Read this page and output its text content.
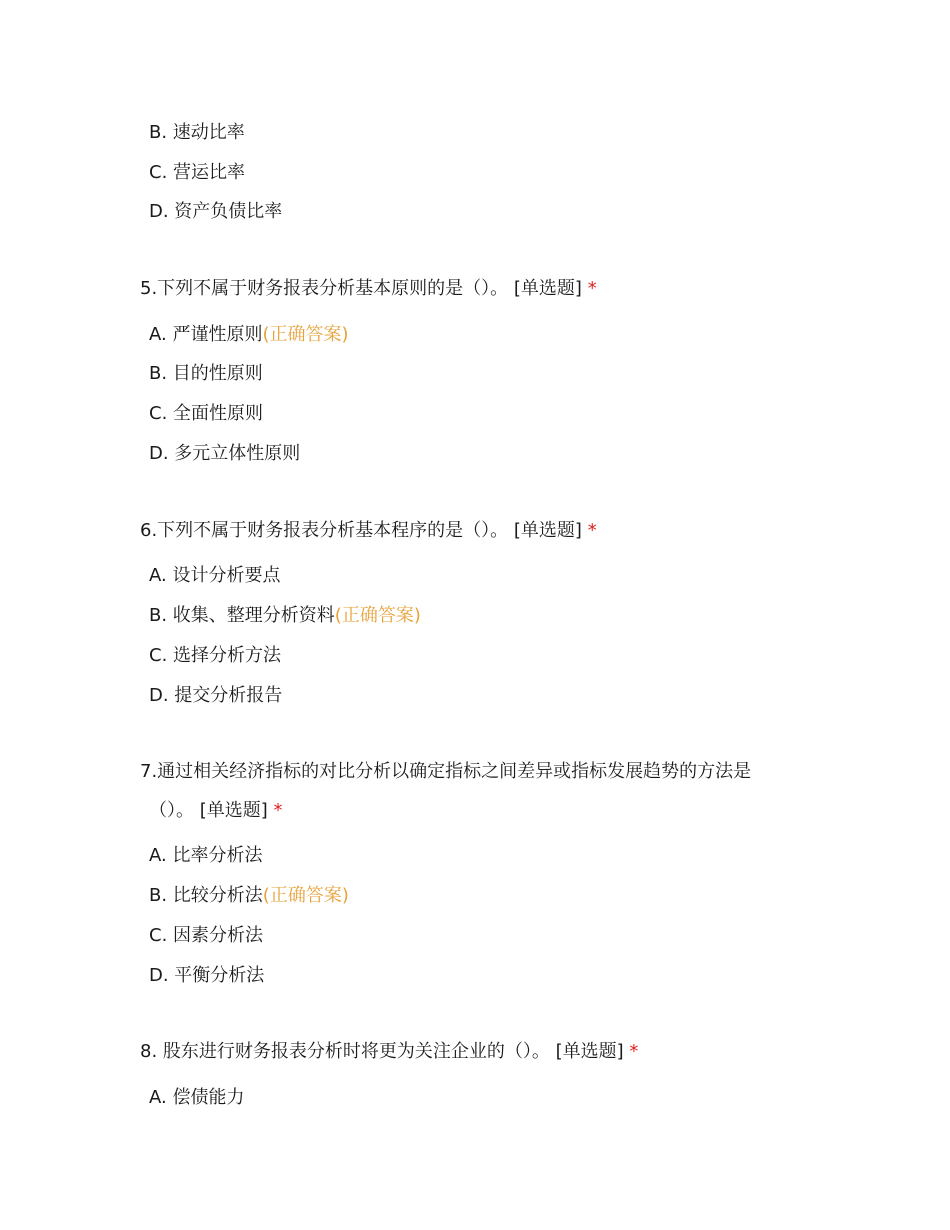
B. 速动比率
C. 营运比率
D. 资产负债比率
5.下列不属于财务报表分析基本原则的是（）。 [单选题] *
A. 严谨性原则(正确答案)
B. 目的性原则
C. 全面性原则
D. 多元立体性原则
6.下列不属于财务报表分析基本程序的是（）。 [单选题] *
A. 设计分析要点
B. 收集、整理分析资料(正确答案)
C. 选择分析方法
D. 提交分析报告
7.通过相关经济指标的对比分析以确定指标之间差异或指标发展趋势的方法是
（）。 [单选题] *
A. 比率分析法
B. 比较分析法(正确答案)
C. 因素分析法
D. 平衡分析法
8. 股东进行财务报表分析时将更为关注企业的（）。 [单选题] *
A. 偿债能力
